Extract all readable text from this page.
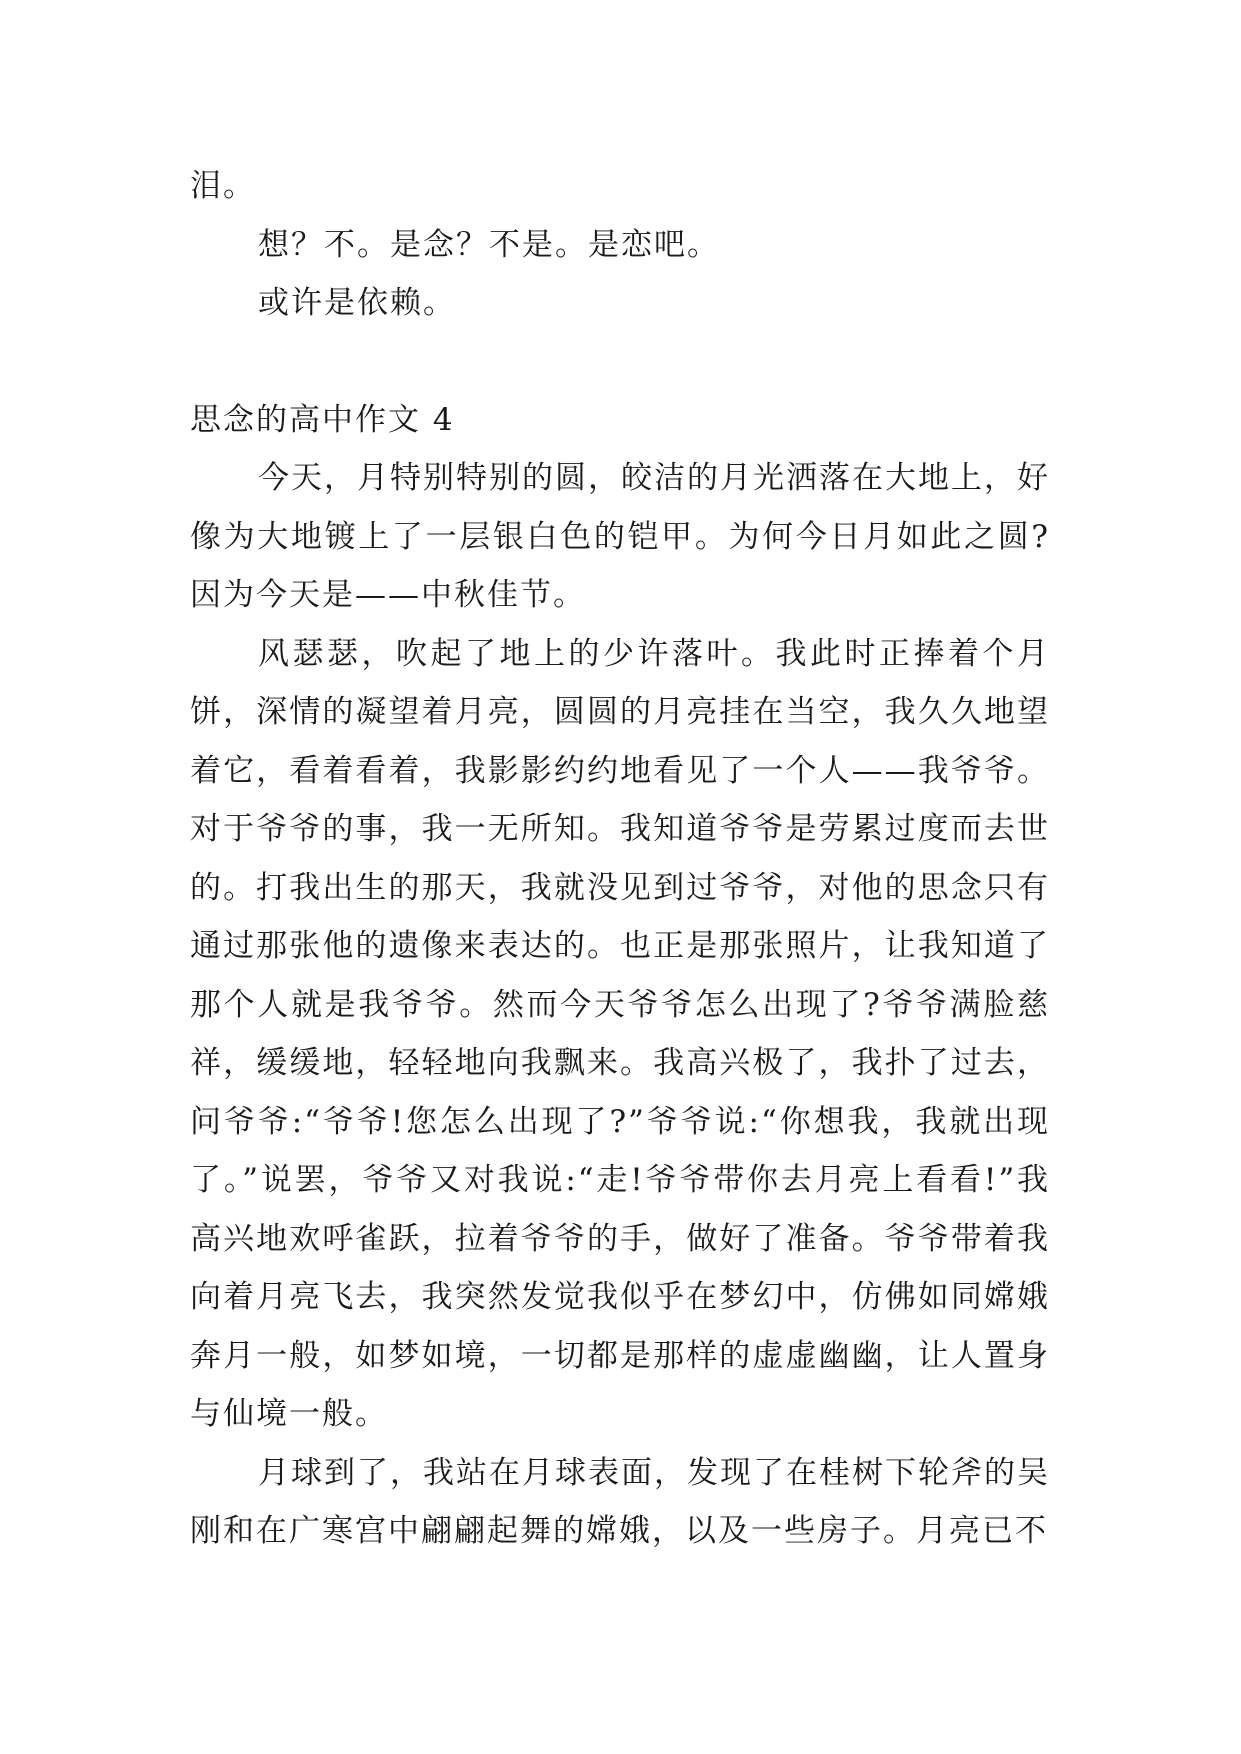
泪。

想？不。是念？不是。是恋吧。

或许是依赖。

思念的高中作文 4

今天，月特别特别的圆，皎洁的月光洒落在大地上，好像为大地镀上了一层银白色的铠甲。为何今日月如此之圆?因为今天是——中秋佳节。

风瑟瑟，吹起了地上的少许落叶。我此时正捧着个月饼，深情的凝望着月亮，圆圆的月亮挂在当空，我久久地望着它，看着看着，我影影约约地看见了一个人——我爷爷。对于爷爷的事，我一无所知。我知道爷爷是劳累过度而去世的。打我出生的那天，我就没见到过爷爷，对他的思念只有通过那张他的遗像来表达的。也正是那张照片，让我知道了那个人就是我爷爷。然而今天爷爷怎么出现了?爷爷满脸慈祥，缓缓地，轻轻地向我飘来。我高兴极了，我扑了过去，问爷爷:“爷爷!您怎么出现了?”爷爷说:“你想我，我就出现了。”说罢，爷爷又对我说:“走!爷爷带你去月亮上看看!”我高兴地欢呼雀跃，拉着爷爷的手，做好了准备。爷爷带着我向着月亮飞去，我突然发觉我似乎在梦幻中，仿佛如同嫦娥奔月一般，如梦如境，一切都是那样的虚虚幽幽，让人置身与仙境一般。

月球到了，我站在月球表面，发现了在桂树下轮斧的吴刚和在广寒宫中翩翩起舞的嫦娥，以及一些房子。月亮已不
